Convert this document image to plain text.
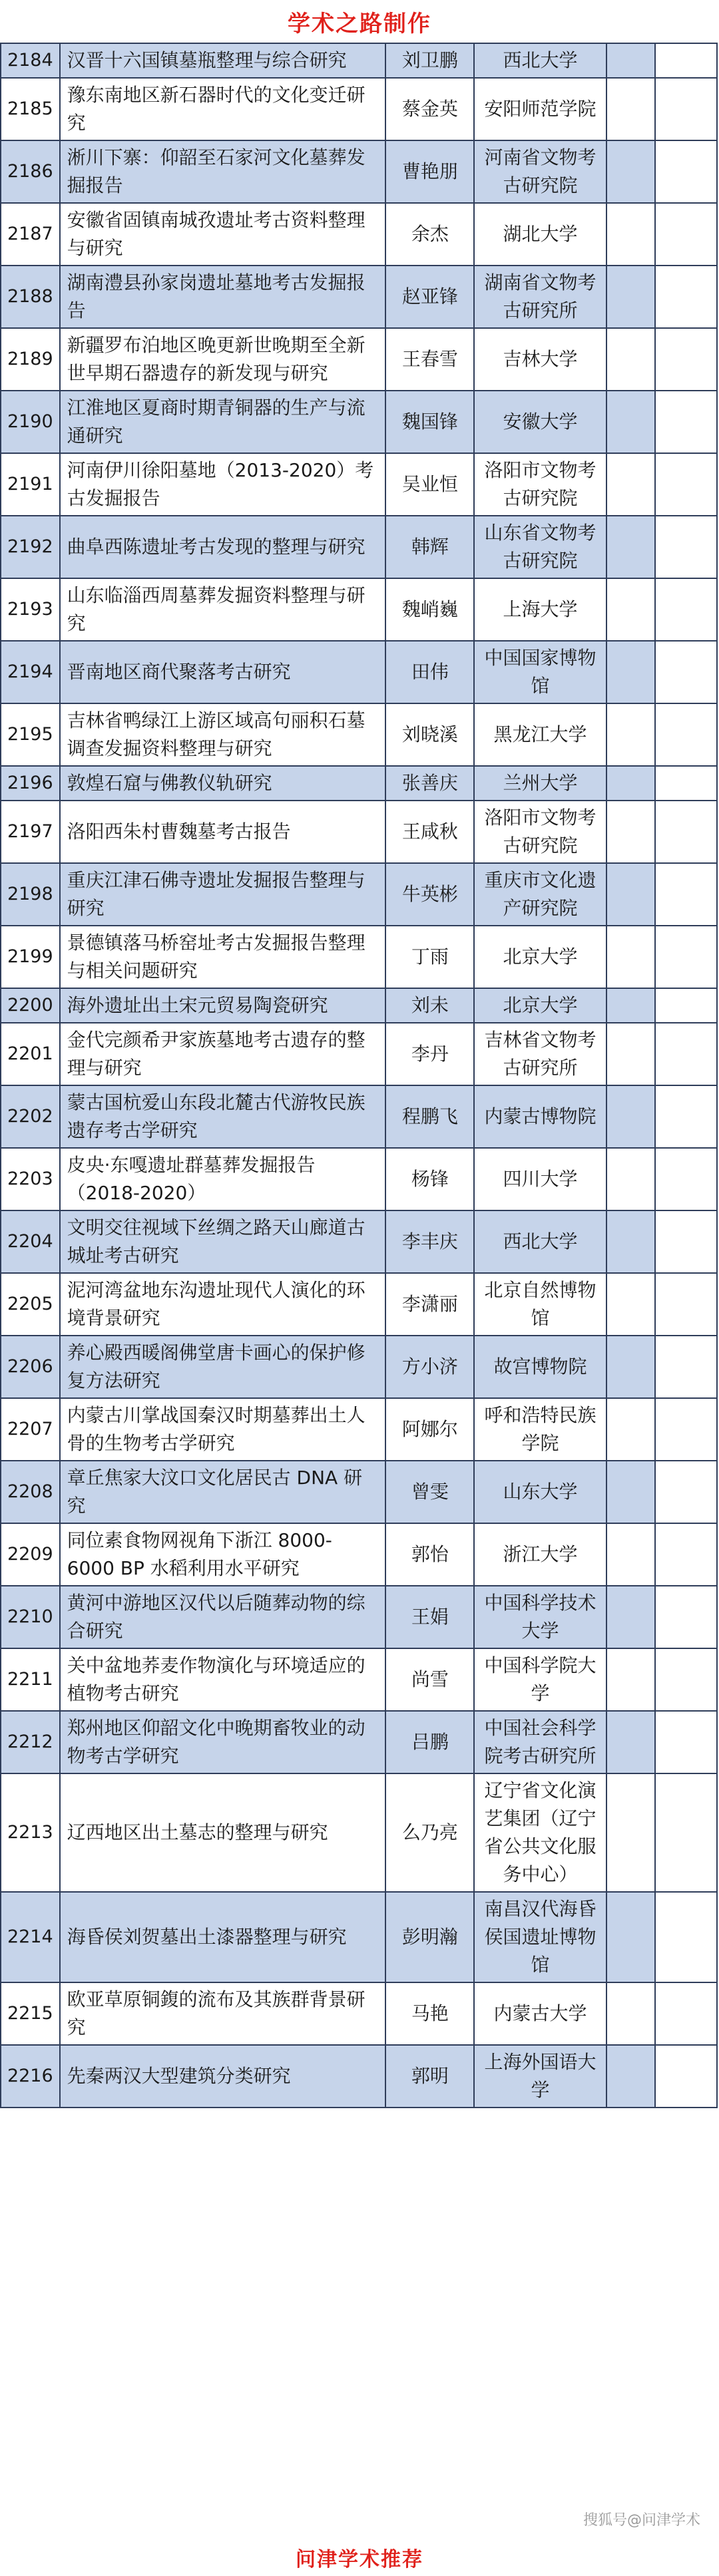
学术之路制作
2184	汉晋十六国镇墓瓶整理与综合研究	刘卫鹏	西北大学		
2185	豫东南地区新石器时代的文化变迁研究	蔡金英	安阳师范学院		
2186	淅川下寨：仰韶至石家河文化墓葬发掘报告	曹艳朋	河南省文物考古研究院		
2187	安徽省固镇南城孜遗址考古资料整理与研究	余杰	湖北大学		
2188	湖南澧县孙家岗遗址墓地考古发掘报告	赵亚锋	湖南省文物考古研究所		
2189	新疆罗布泊地区晚更新世晚期至全新世早期石器遗存的新发现与研究	王春雪	吉林大学		
2190	江淮地区夏商时期青铜器的生产与流通研究	魏国锋	安徽大学		
2191	河南伊川徐阳墓地（2013-2020）考古发掘报告	吴业恒	洛阳市文物考古研究院		
2192	曲阜西陈遗址考古发现的整理与研究	韩辉	山东省文物考古研究院		
2193	山东临淄西周墓葬发掘资料整理与研究	魏峭巍	上海大学		
2194	晋南地区商代聚落考古研究	田伟	中国国家博物馆		
2195	吉林省鸭绿江上游区域高句丽积石墓调查发掘资料整理与研究	刘晓溪	黑龙江大学		
2196	敦煌石窟与佛教仪轨研究	张善庆	兰州大学		
2197	洛阳西朱村曹魏墓考古报告	王咸秋	洛阳市文物考古研究院		
2198	重庆江津石佛寺遗址发掘报告整理与研究	牛英彬	重庆市文化遗产研究院		
2199	景德镇落马桥窑址考古发掘报告整理与相关问题研究	丁雨	北京大学		
2200	海外遗址出土宋元贸易陶瓷研究	刘未	北京大学		
2201	金代完颜希尹家族墓地考古遗存的整理与研究	李丹	吉林省文物考古研究所		
2202	蒙古国杭爱山东段北麓古代游牧民族遗存考古学研究	程鹏飞	内蒙古博物院		
2203	皮央·东嘎遗址群墓葬发掘报告（2018-2020）	杨锋	四川大学		
2204	文明交往视域下丝绸之路天山廊道古城址考古研究	李丰庆	西北大学		
2205	泥河湾盆地东沟遗址现代人演化的环境背景研究	李潇丽	北京自然博物馆		
2206	养心殿西暖阁佛堂唐卡画心的保护修复方法研究	方小济	故宫博物院		
2207	内蒙古川掌战国秦汉时期墓葬出土人骨的生物考古学研究	阿娜尔	呼和浩特民族学院		
2208	章丘焦家大汶口文化居民古 DNA 研究	曾雯	山东大学		
2209	同位素食物网视角下浙江 8000-6000 BP 水稻利用水平研究	郭怡	浙江大学		
2210	黄河中游地区汉代以后随葬动物的综合研究	王娟	中国科学技术大学		
2211	关中盆地荞麦作物演化与环境适应的植物考古研究	尚雪	中国科学院大学		
2212	郑州地区仰韶文化中晚期畜牧业的动物考古学研究	吕鹏	中国社会科学院考古研究所		
2213	辽西地区出土墓志的整理与研究	么乃亮	辽宁省文化演艺集团（辽宁省公共文化服务中心）		
2214	海昏侯刘贺墓出土漆器整理与研究	彭明瀚	南昌汉代海昏侯国遗址博物馆		
2215	欧亚草原铜鍑的流布及其族群背景研究	马艳	内蒙古大学		
2216	先秦两汉大型建筑分类研究	郭明	上海外国语大学		
搜狐号@问津学术
问津学术推荐
